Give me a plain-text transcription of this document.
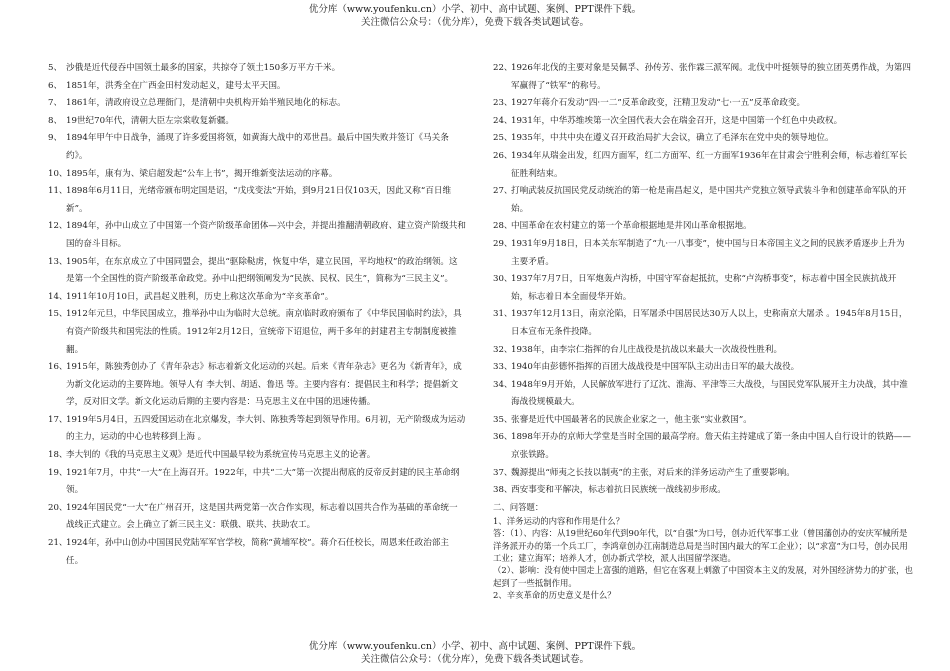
优分库（www.youfenku.cn）小学、初中、高中试题、案例、PPT课件下载。
关注微信公众号：（优分库），免费下载各类试题试卷。
5、 沙俄是近代侵吞中国领土最多的国家，共掠夺了领土150多万平方千米。
6、 1851年，洪秀全在广西金田村发动起义，建号太平天国。
7、 1861年，清政府设立总理衙门，是清朝中央机构开始半殖民地化的标志。
8、 19世纪70年代，清朝大臣左宗棠收复新疆。
9、 1894年甲午中日战争，涌现了许多爱国将领，如黄海大战中的邓世昌。最后中国失败并签订《马关条约》。
10、
1895年，康有为、梁启超发起“公车上书”，揭开维新变法运动的序幕。
11、
1898年6月11日，光绪帝颁布明定国是诏，“戊戌变法”开始，到9月21日仅103天，因此又称“百日维新”。
12、
1894年，孙中山成立了中国第一个资产阶级革命团体—兴中会，并提出推翻清朝政府、建立资产阶级共和国的奋斗目标。
13、
1905年，在东京成立了中国同盟会，提出“驱除鞑虏，恢复中华，建立民国，平均地权”的政治纲领。这是第一个全国性的资产阶级革命政党。孙中山把纲领阐发为“民族、民权、民生”，简称为“三民主义”。
14、
1911年10月10日，武昌起义胜利，历史上称这次革命为“辛亥革命”。
15、
1912年元旦，中华民国成立，推举孙中山为临时大总统。南京临时政府颁布了《中华民国临时约法》，具有资产阶级共和国宪法的性质。1912年2月12日，宣统帝下诏退位，两千多年的封建君主专制制度被推翻。
16、
1915年，陈独秀创办了《青年杂志》标志着新文化运动的兴起。后来《青年杂志》更名为《新青年》，成为新文化运动的主要阵地。领导人有 李大钊、胡适、鲁迅 等。主要内容有：提倡民主和科学；提倡新文学，反对旧文学。新文化运动后期的主要内容是：马克思主义在中国的迅速传播。
17、
1919年5月4日，五四爱国运动在北京爆发，李大钊、陈独秀等起到领导作用。6月初，无产阶级成为运动的主力，运动的中心也转移到上海 。
18、
李大钊的《我的马克思主义观》是近代中国最早较为系统宣传马克思主义的论著。
19、
1921年7月，中共“一大”在上海召开。1922年，中共“二大”第一次提出彻底的反帝反封建的民主革命纲领。
20、
1924年国民党“一大”在广州召开，这是国共两党第一次合作实现，标志着以国共合作为基础的革命统一战线正式建立。会上确立了新三民主义：联俄、联共、扶助农工。
21、
1924年，孙中山创办中国国民党陆军军官学校，简称“黄埔军校”。蒋介石任校长，周恩来任政治部主任。
22、
1926年北伐的主要对象是吴佩孚、孙传芳、张作霖三派军阀。北伐中叶挺领导的独立团英勇作战，为第四军赢得了“铁军”的称号。
23、
1927年蒋介石发动“四·一二”反革命政变，汪精卫发动“七·一五”反革命政变。
24、
1931年，中华苏维埃第一次全国代表大会在瑞金召开，这是中国第一个红色中央政权。
25、
1935年，中共中央在遵义召开政治局扩大会议，确立了毛泽东在党中央的领导地位。
26、
1934年从瑞金出发，红四方面军，红二方面军、红一方面军1936年在甘肃会宁胜利会师，标志着红军长征胜利结束。
27、
打响武装反抗国民党反动统治的第一枪是南昌起义，是中国共产党独立领导武装斗争和创建革命军队的开始。
28、
中国革命在农村建立的第一个革命根据地是井冈山革命根据地。
29、
1931年9月18日，日本关东军制造了“九·一八事变”，使中国与日本帝国主义之间的民族矛盾逐步上升为主要矛盾。
30、
1937年7月7日，日军炮轰卢沟桥，中国守军奋起抵抗，史称“卢沟桥事变”，标志着中国全民族抗战开始，标志着日本全面侵华开始。
31、
1937年12月13日，南京沦陷，日军屠杀中国居民达30万人以上，史称南京大屠杀 。1945年8月15日，日本宣布无条件投降。
32、
1938年，由李宗仁指挥的台儿庄战役是抗战以来最大一次战役性胜利。
33、
1940年由彭德怀指挥的百团大战战役是中国军队主动出击日军的最大战役。
34、
1948年9月开始，人民解放军进行了辽沈、淮海、平津等三大战役，与国民党军队展开主力决战，其中淮海战役规模最大。
35、
张謇是近代中国最著名的民族企业家之一，他主张“实业救国”。
36、
1898年开办的京师大学堂是当时全国的最高学府。詹天佑主持建成了第一条由中国人自行设计的铁路——京张铁路。
37、
魏源提出“师夷之长技以制夷”的主张，对后来的洋务运动产生了重要影响。
38、
西安事变和平解决，标志着抗日民族统一战线初步形成。
二、问答题：
1、洋务运动的内容和作用是什么？
答：（1）、内容：从19世纪60年代到90年代，以“自强”为口号，创办近代军事工业（曾国藩创办的安庆军械所是洋务派开办的第一个兵工厂，李鸿章创办江南制造总局是当时国内最大的军工企业）；以“求富”为口号，创办民用工业；建立海军；培养人才，创办新式学校，派人出国留学深造。
（2）、影响：没有使中国走上富强的道路，但它在客观上刺激了中国资本主义的发展，对外国经济势力的扩张，也起到了一些抵制作用。
2、辛亥革命的历史意义是什么？
优分库（www.youfenku.cn）小学、初中、高中试题、案例、PPT课件下载。
关注微信公众号：（优分库），免费下载各类试题试卷。
